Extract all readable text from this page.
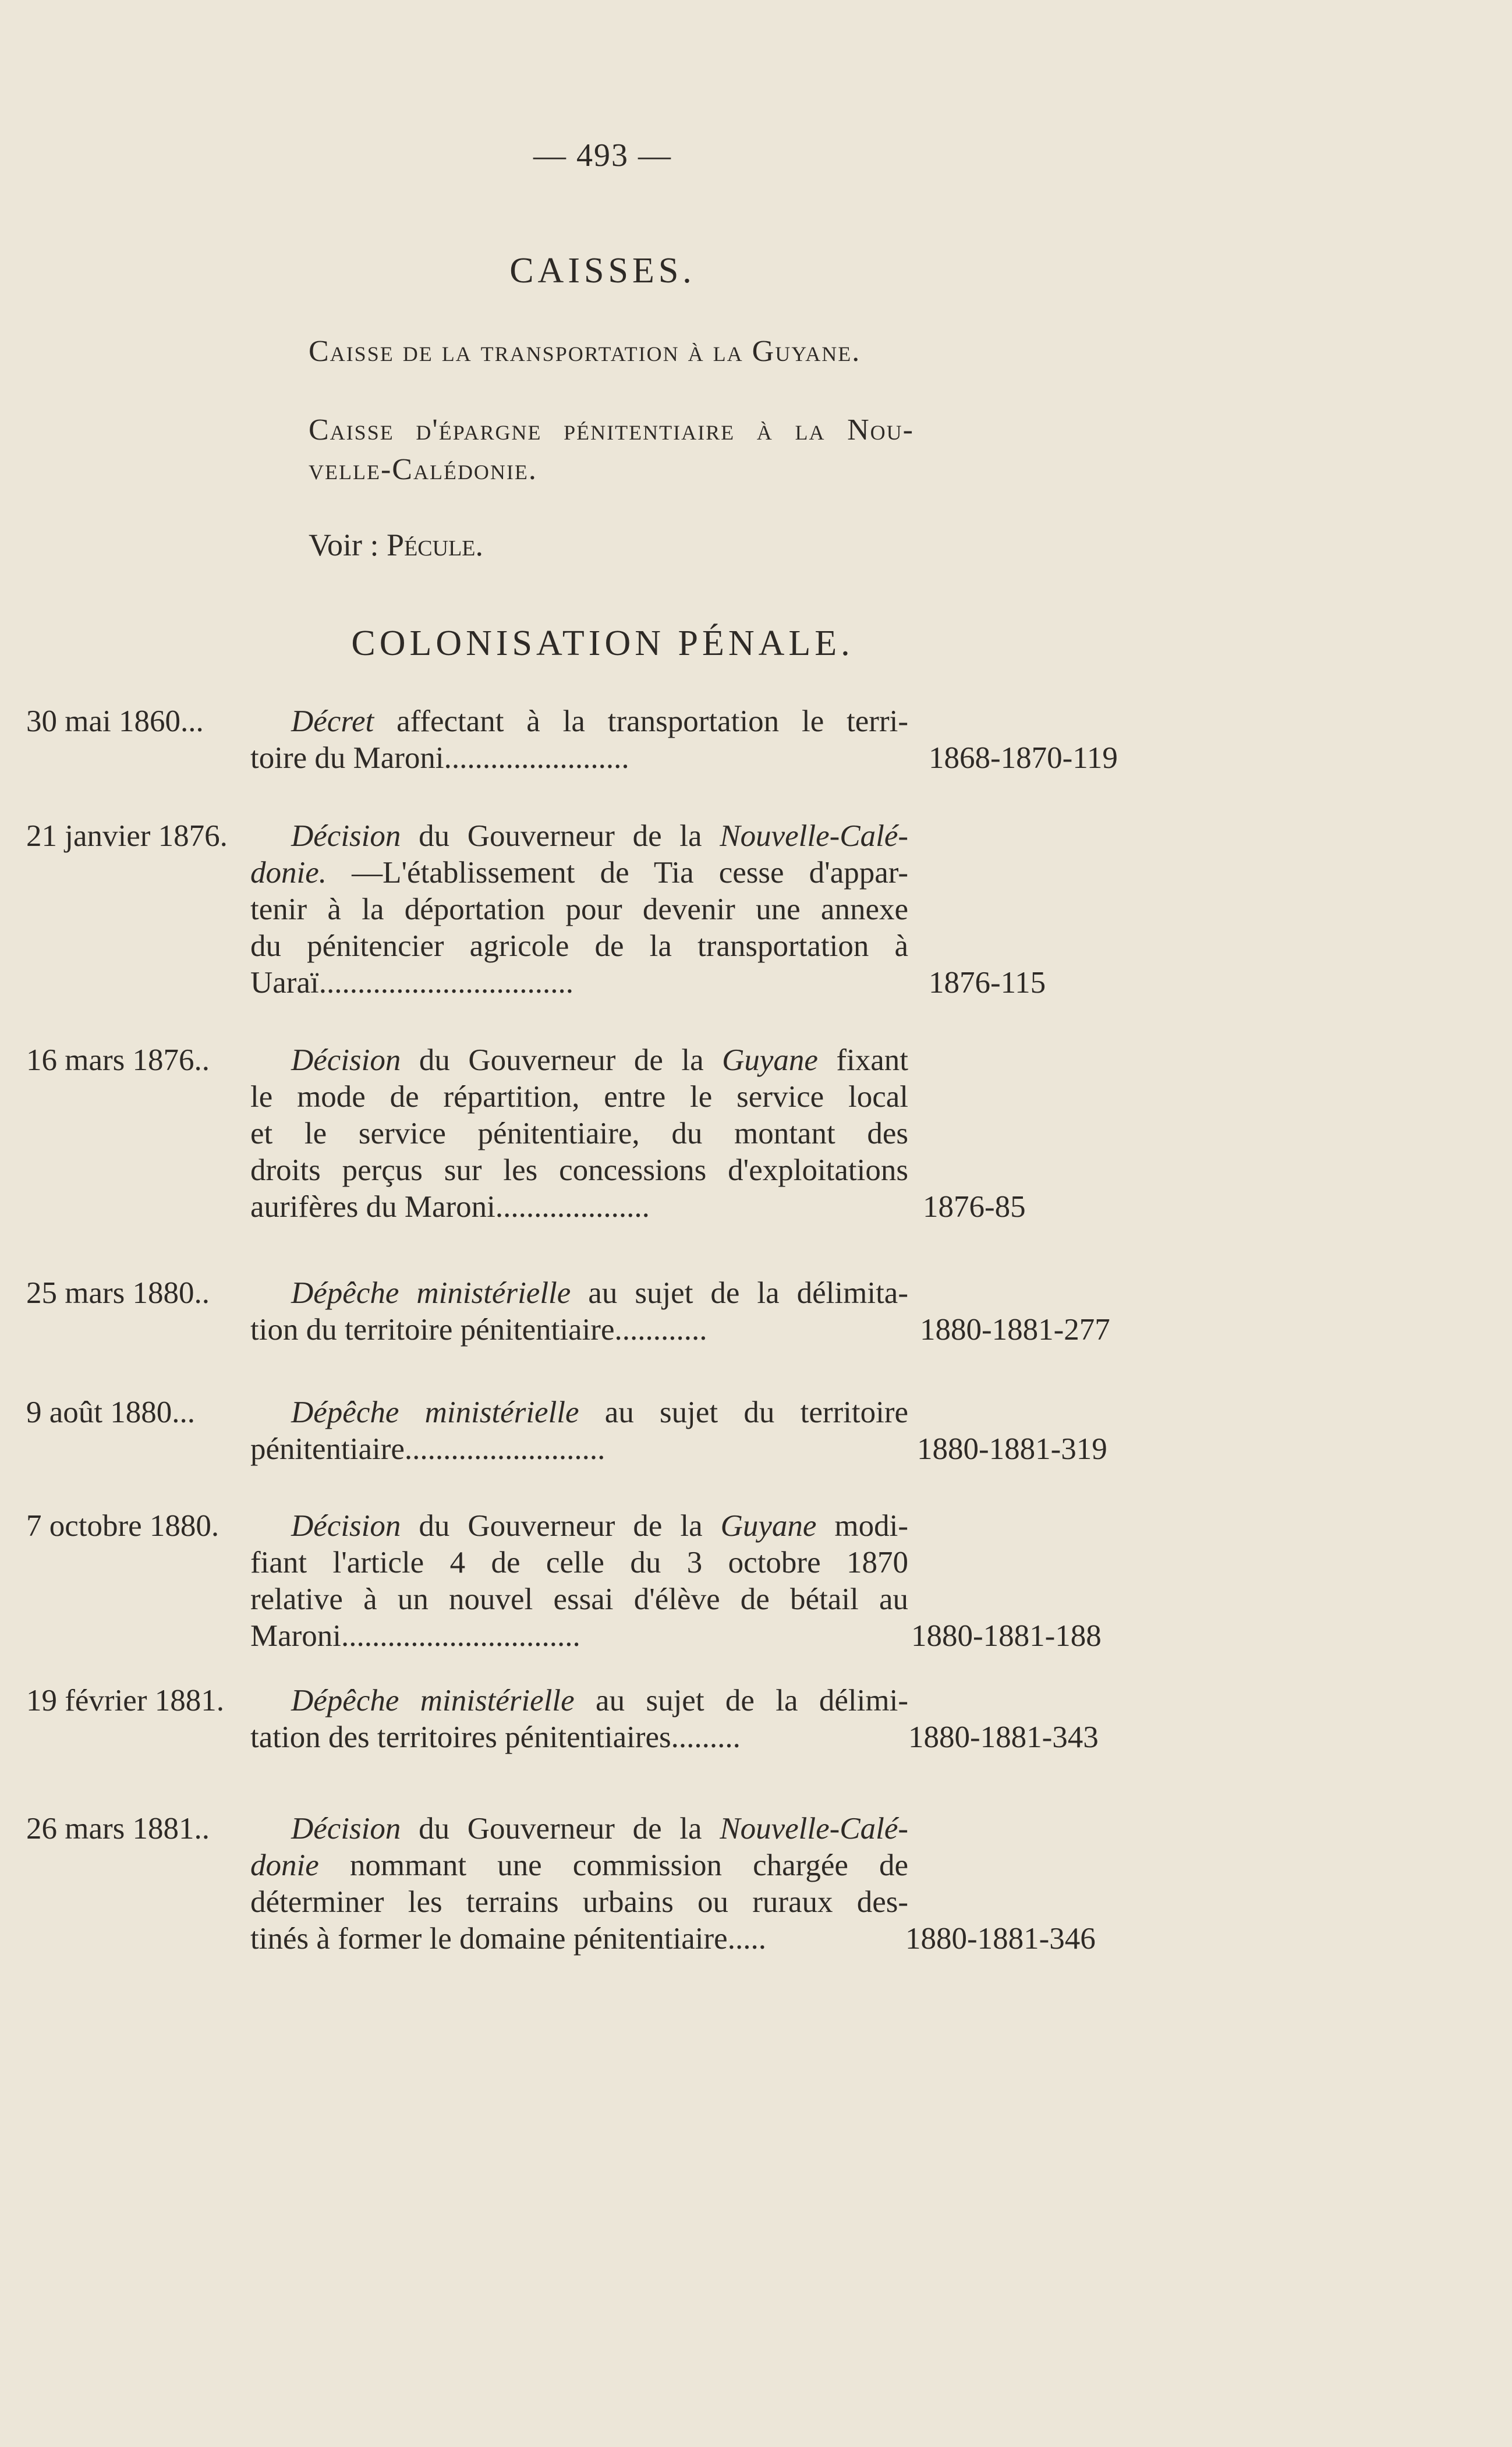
— 493 —
CAISSES.
Caisse de la transportation à la Guyane.
Caisse d'épargne pénitentiaire à la Nou-
velle-Calédonie.
Voir : Pécule.
COLONISATION PÉNALE.
30 mai 1860...	Décret affectant à la transportation le terri-

toire du Maroni........................	1868-1870-119
21 janvier 1876.	Décision du Gouverneur de la Nouvelle-Calé-

donie. —L'établissement de Tia cesse d'appar-

tenir à la déportation pour devenir une annexe

du pénitencier agricole de la transportation à

Uaraï.................................	1876-115
16 mars 1876..	Décision du Gouverneur de la Guyane fixant

le mode de répartition, entre le service local

et le service pénitentiaire, du montant des

droits perçus sur les concessions d'exploitations

aurifères du Maroni....................	1876-85
25 mars 1880..	Dépêche ministérielle au sujet de la délimita-

tion du territoire pénitentiaire............	1880-1881-277
9 août 1880...	Dépêche ministérielle au sujet du territoire

pénitentiaire..........................	1880-1881-319
7 octobre 1880.	Décision du Gouverneur de la Guyane modi-

fiant l'article 4 de celle du 3 octobre 1870

relative à un nouvel essai d'élève de bétail au

Maroni...............................	1880-1881-188
19 février 1881.	Dépêche ministérielle au sujet de la délimi-

tation des territoires pénitentiaires.........	1880-1881-343
26 mars 1881..	Décision du Gouverneur de la Nouvelle-Calé-

donie nommant une commission chargée de

déterminer les terrains urbains ou ruraux des-

tinés à former le domaine pénitentiaire.....	1880-1881-346
